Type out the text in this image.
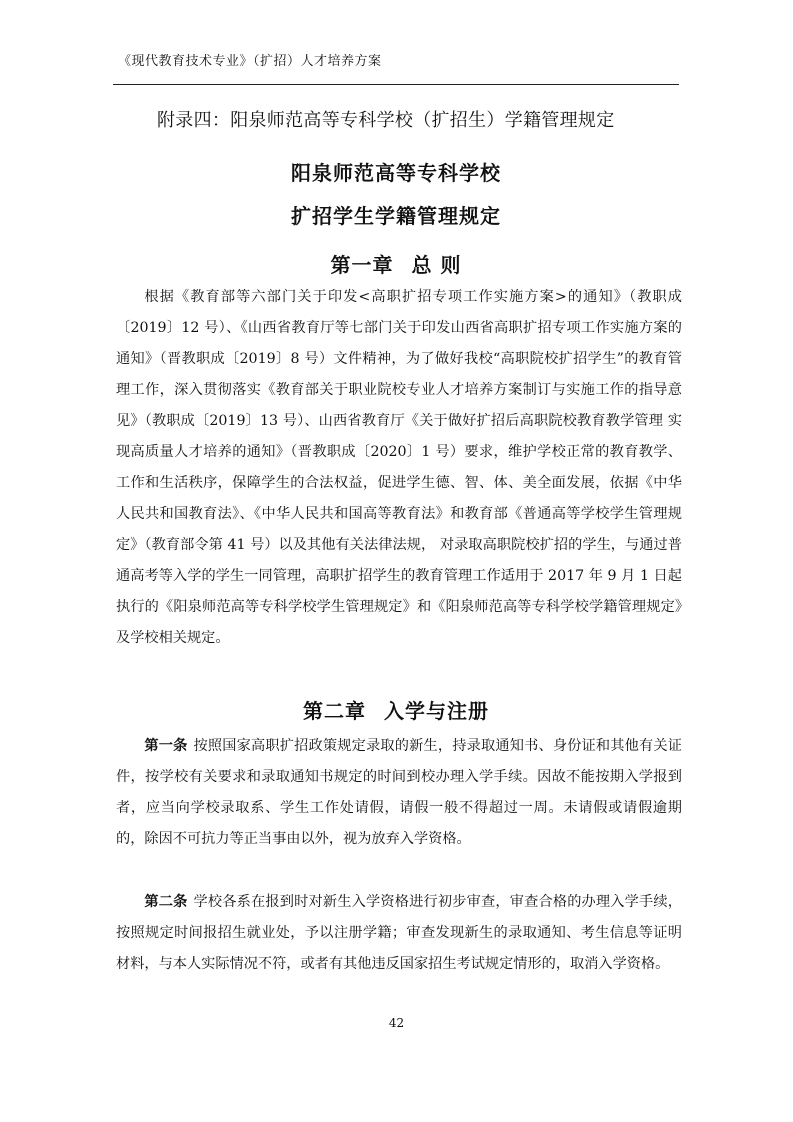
《现代教育技术专业》（扩招）人才培养方案
附录四：阳泉师范高等专科学校（扩招生）学籍管理规定
阳泉师范高等专科学校
扩招学生学籍管理规定
第一章 总 则

根据《教育部等六部门关于印发<高职扩招专项工作实施方案>的通知》（教职成〔2019〕12 号）、《山西省教育厅等七部门关于印发山西省高职扩招专项工作实施方案的通知》（晋教职成〔2019〕8 号）文件精神，为了做好我校“高职院校扩招学生”的教育管理工作，深入贯彻落实《教育部关于职业院校专业人才培养方案制订与实施工作的指导意见》（教职成〔2019〕13 号）、山西省教育厅《关于做好扩招后高职院校教育教学管理 实现高质量人才培养的通知》（晋教职成〔2020〕1 号）要求，维护学校正常的教育教学、工作和生活秩序，保障学生的合法权益，促进学生德、智、体、美全面发展，依据《中华人民共和国教育法》、《中华人民共和国高等教育法》和教育部《普通高等学校学生管理规定》（教育部令第 41 号）以及其他有关法律法规， 对录取高职院校扩招的学生，与通过普通高考等入学的学生一同管理，高职扩招学生的教育管理工作适用于 2017 年 9 月 1 日起执行的《阳泉师范高等专科学校学生管理规定》和《阳泉师范高等专科学校学籍管理规定》及学校相关规定。

第二章 入学与注册

第一条 按照国家高职扩招政策规定录取的新生，持录取通知书、身份证和其他有关证件，按学校有关要求和录取通知书规定的时间到校办理入学手续。因故不能按期入学报到者，应当向学校录取系、学生工作处请假，请假一般不得超过一周。未请假或请假逾期的，除因不可抗力等正当事由以外，视为放弃入学资格。

第二条 学校各系在报到时对新生入学资格进行初步审查，审查合格的办理入学手续，按照规定时间报招生就业处，予以注册学籍；审查发现新生的录取通知、考生信息等证明材料，与本人实际情况不符，或者有其他违反国家招生考试规定情形的，取消入学资格。

42
